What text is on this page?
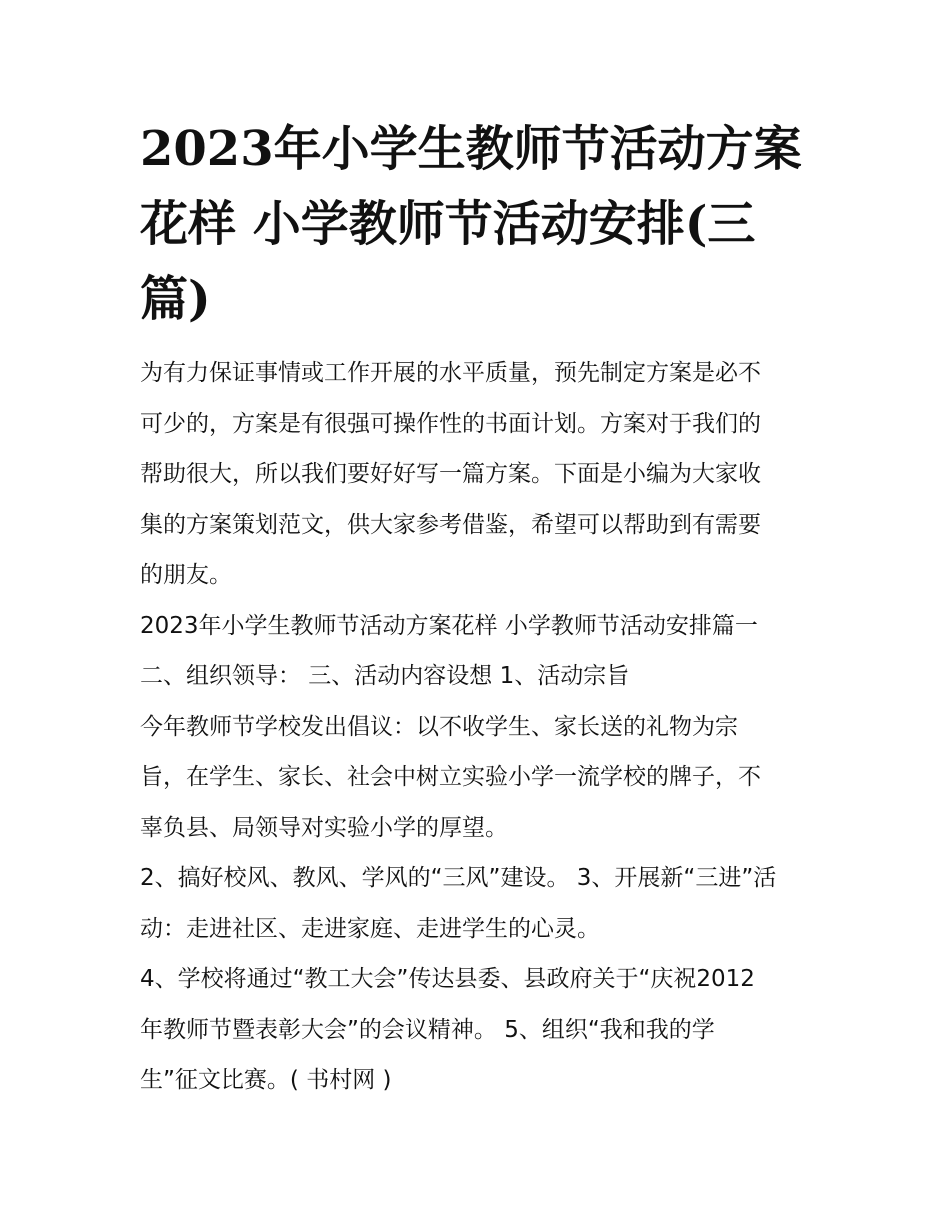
2023年小学生教师节活动方案
花样 小学教师节活动安排(三
篇)

为有力保证事情或工作开展的水平质量，预先制定方案是必不
可少的，方案是有很强可操作性的书面计划。方案对于我们的
帮助很大，所以我们要好好写一篇方案。下面是小编为大家收
集的方案策划范文，供大家参考借鉴，希望可以帮助到有需要
的朋友。

2023年小学生教师节活动方案花样 小学教师节活动安排篇一
二、组织领导： 三、活动内容设想 1、活动宗旨

今年教师节学校发出倡议：以不收学生、家长送的礼物为宗
旨，在学生、家长、社会中树立实验小学一流学校的牌子，不
辜负县、局领导对实验小学的厚望。

2、搞好校风、教风、学风的“三风”建设。 3、开展新“三进”活
动：走进社区、走进家庭、走进学生的心灵。

4、学校将通过“教工大会”传达县委、县政府关于“庆祝2012
年教师节暨表彰大会”的会议精神。 5、组织“我和我的学
生”征文比赛。( 书村网 )
